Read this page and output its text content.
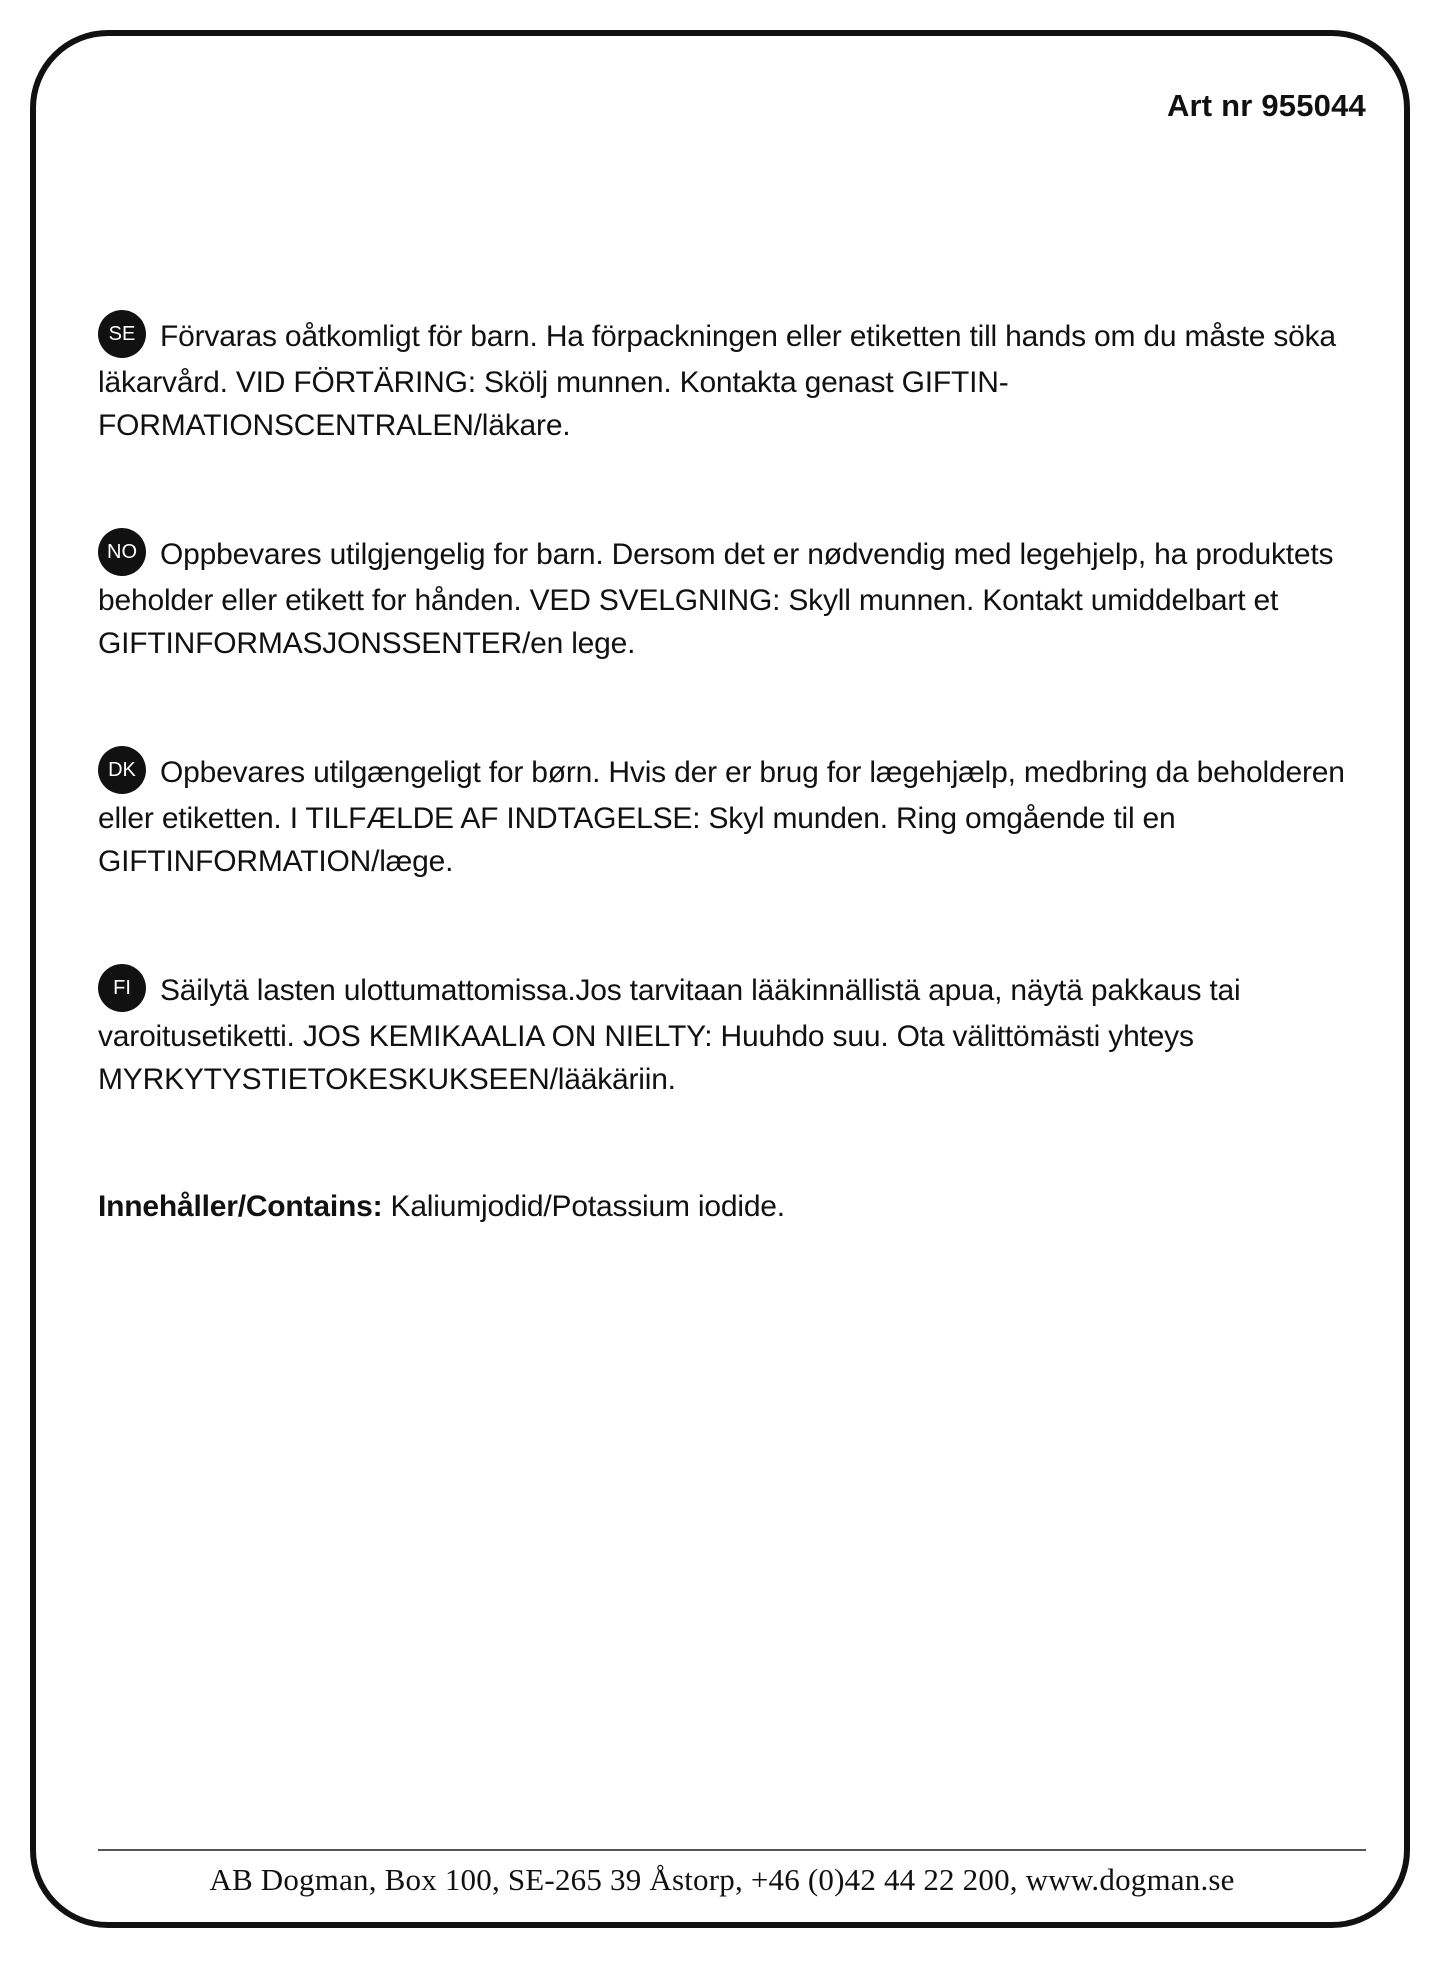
Art nr 955044

SE Förvaras oåtkomligt för barn. Ha förpackningen eller etiketten till hands om du måste söka läkarvård. VID FÖRTÄRING: Skölj munnen. Kontakta genast GIFTIN-FORMATIONSCENTRALEN/läkare.

NO Oppbevares utilgjengelig for barn. Dersom det er nødvendig med legehjelp, ha produktets beholder eller etikett for hånden. VED SVELGNING: Skyll munnen. Kontakt umiddelbart et GIFTINFORMASJONSSENTER/en lege.

DK Opbevares utilgængeligt for børn. Hvis der er brug for lægehjælp, medbring da beholderen eller etiketten. I TILFÆLDE AF INDTAGELSE: Skyl munden. Ring omgående til en GIFTINFORMATION/læge.

FI Säilytä lasten ulottumattomissa.Jos tarvitaan lääkinnällistä apua, näytä pakkaus tai varoitusetiketti. JOS KEMIKAALIA ON NIELTY: Huuhdo suu. Ota välittömästi yhteys MYRKYTYSTIETOKESKUKSEEN/lääkäriin.

Innehåller/Contains: Kaliumjodid/Potassium iodide.

AB Dogman, Box 100, SE-265 39 Åstorp, +46 (0)42 44 22 200, www.dogman.se
